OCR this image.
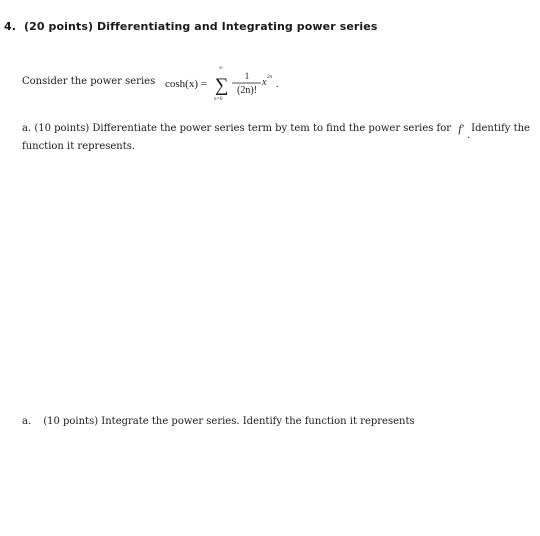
4. (20 points) Differentiating and Integrating power series
Consider the power series cosh(x) =
∞
∑
n=0
1
(2n)!
x 2n
.
a. (10 points) Differentiate the power series term by tem to find the power series for f′
.
Identify the
function it represents.
a. (10 points) Integrate the power series. Identify the function it represents
